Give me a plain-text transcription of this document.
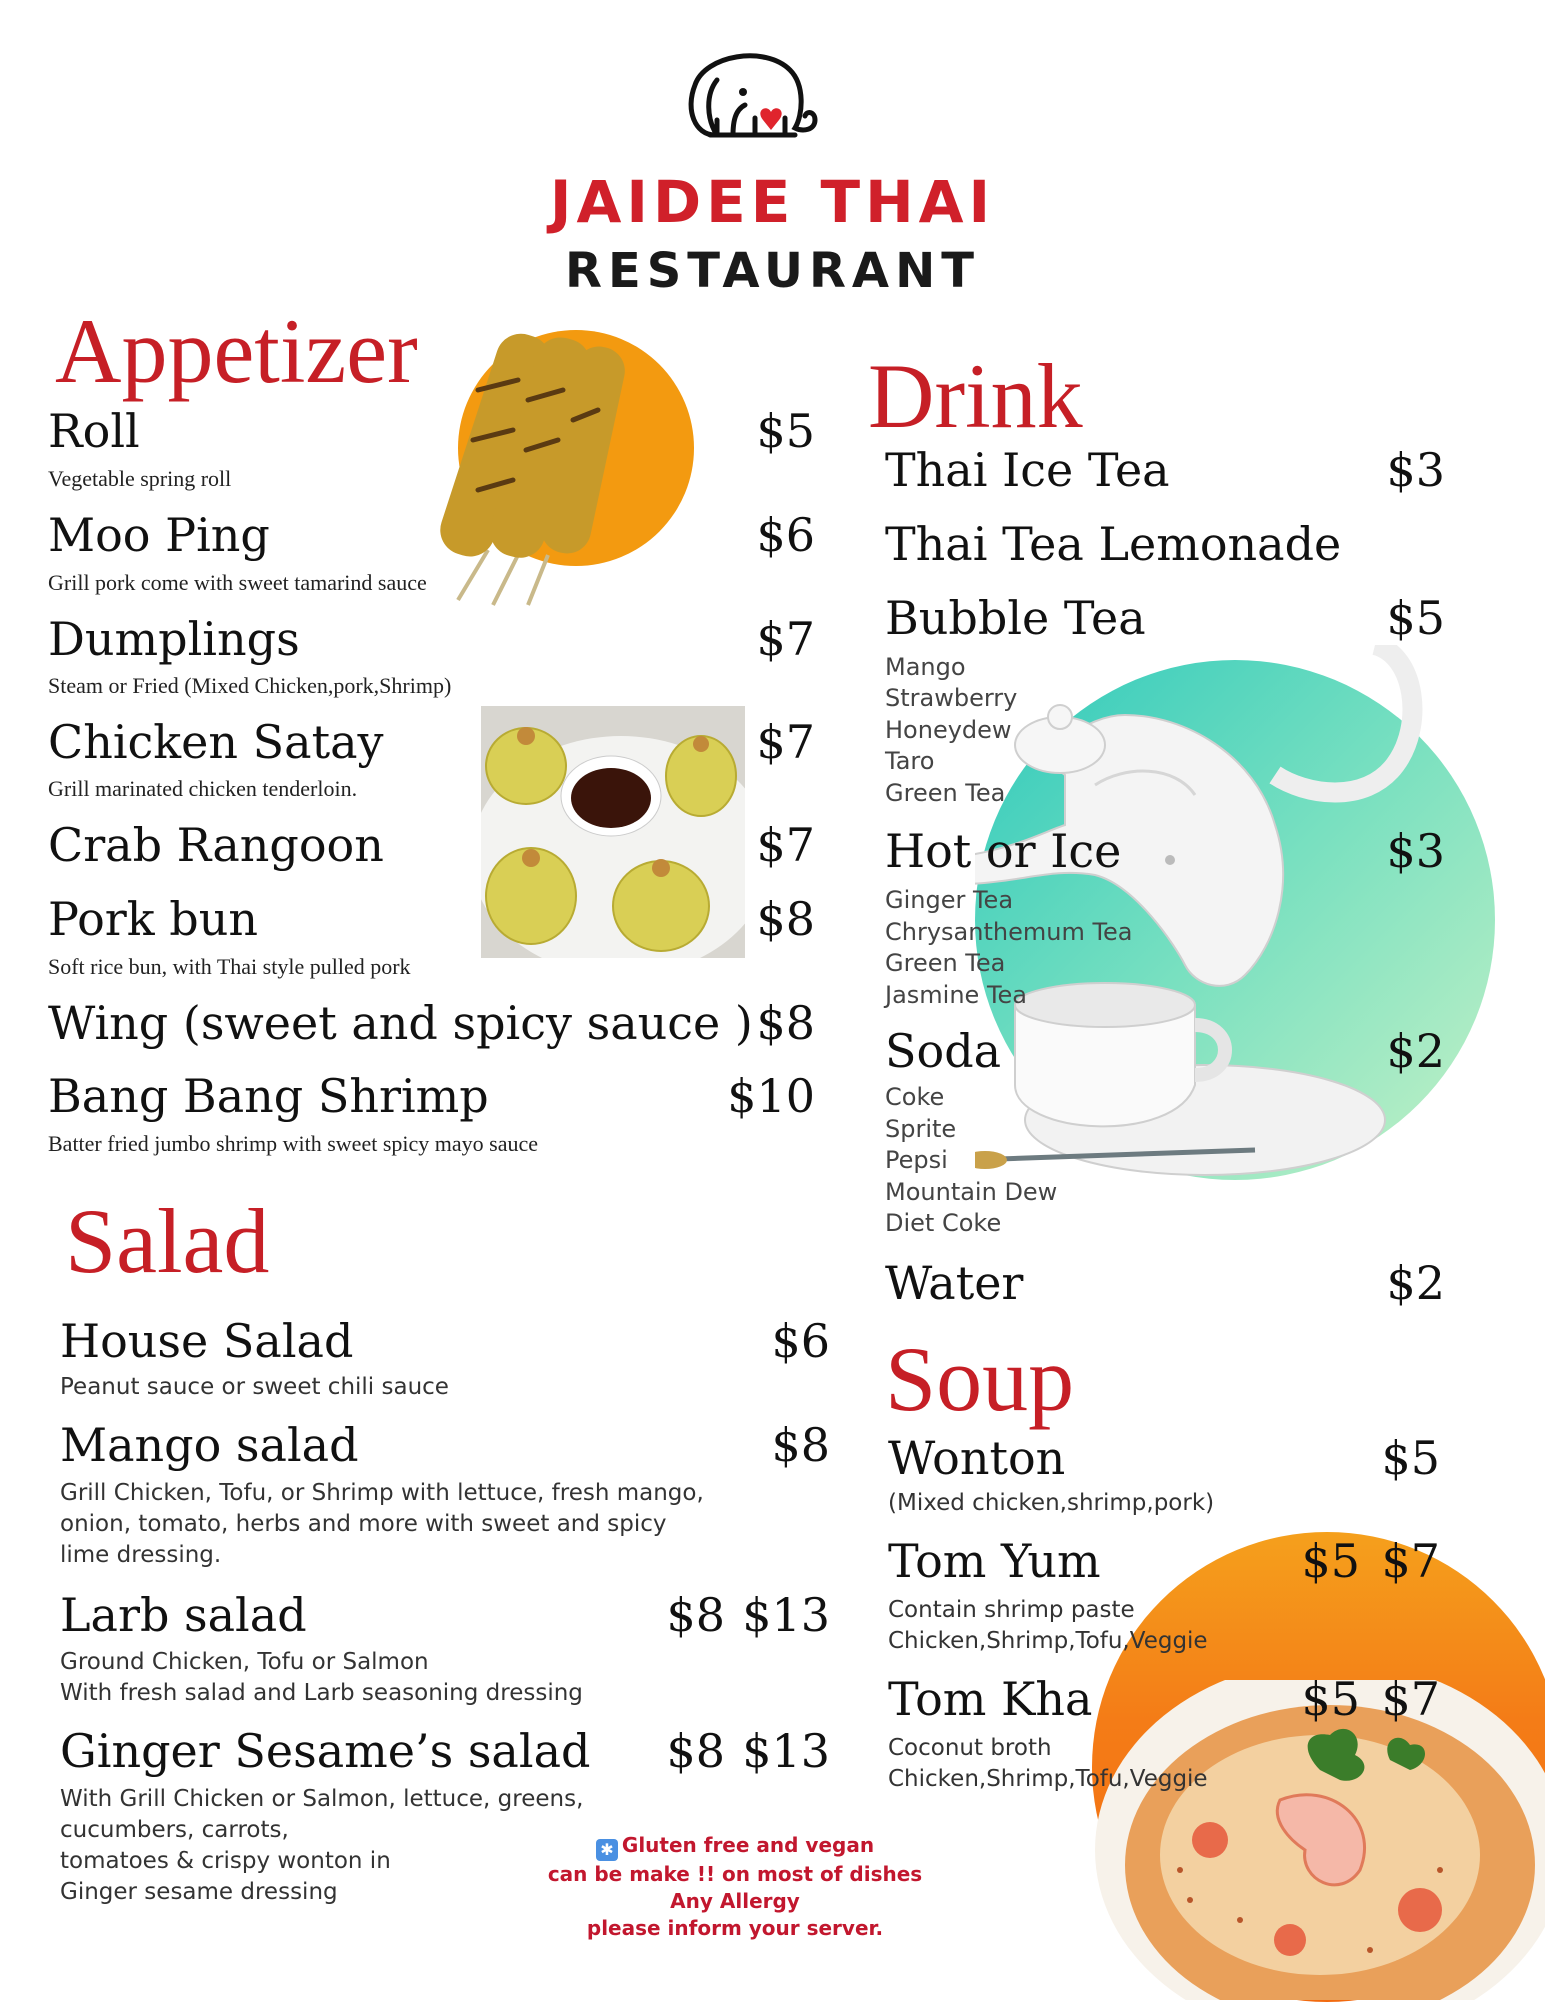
JAIDEE THAI
RESTAURANT
Appetizer
Roll	$5
Vegetable spring roll
Moo Ping	$6
Grill pork come with sweet tamarind sauce
Dumplings	$7
Steam or Fried (Mixed Chicken,pork,Shrimp)
Chicken Satay	$7
Grill marinated chicken tenderloin.
Crab Rangoon	$7
Pork bun	$8
Soft rice bun, with Thai style pulled pork
Wing (sweet and spicy sauce ) $8
Bang Bang Shrimp	$10
Batter fried jumbo shrimp with sweet spicy mayo sauce
Salad
House Salad	$6
Peanut sauce or sweet chili sauce
Mango salad	$8
Grill Chicken, Tofu, or Shrimp with lettuce, fresh mango,
onion, tomato, herbs and more with sweet and spicy
lime dressing.
Larb salad	$8 $13
Ground Chicken, Tofu or Salmon
With fresh salad and Larb seasoning dressing
Ginger Sesame’s salad	$8 $13
With Grill Chicken or Salmon, lettuce, greens,
cucumbers, carrots,
tomatoes & crispy wonton in
Ginger sesame dressing
Drink
Thai Ice Tea	$3
Thai Tea Lemonade
Bubble Tea	$5
Mango
Strawberry
Honeydew
Taro
Green Tea
Hot or Ice	$3
Ginger Tea
Chrysanthemum Tea
Green Tea
Jasmine Tea
Soda	$2
Coke
Sprite
Pepsi
Mountain Dew
Diet Coke
Water	$2
Soup
Wonton	$5
(Mixed chicken,shrimp,pork)
Tom Yum	$5 $7
Contain shrimp paste
Chicken,Shrimp,Tofu,Veggie
Tom Kha	$5 $7
Coconut broth
Chicken,Shrimp,Tofu,Veggie
✱ Gluten free and vegan
can be make !! on most of dishes
Any Allergy
please inform your server.
